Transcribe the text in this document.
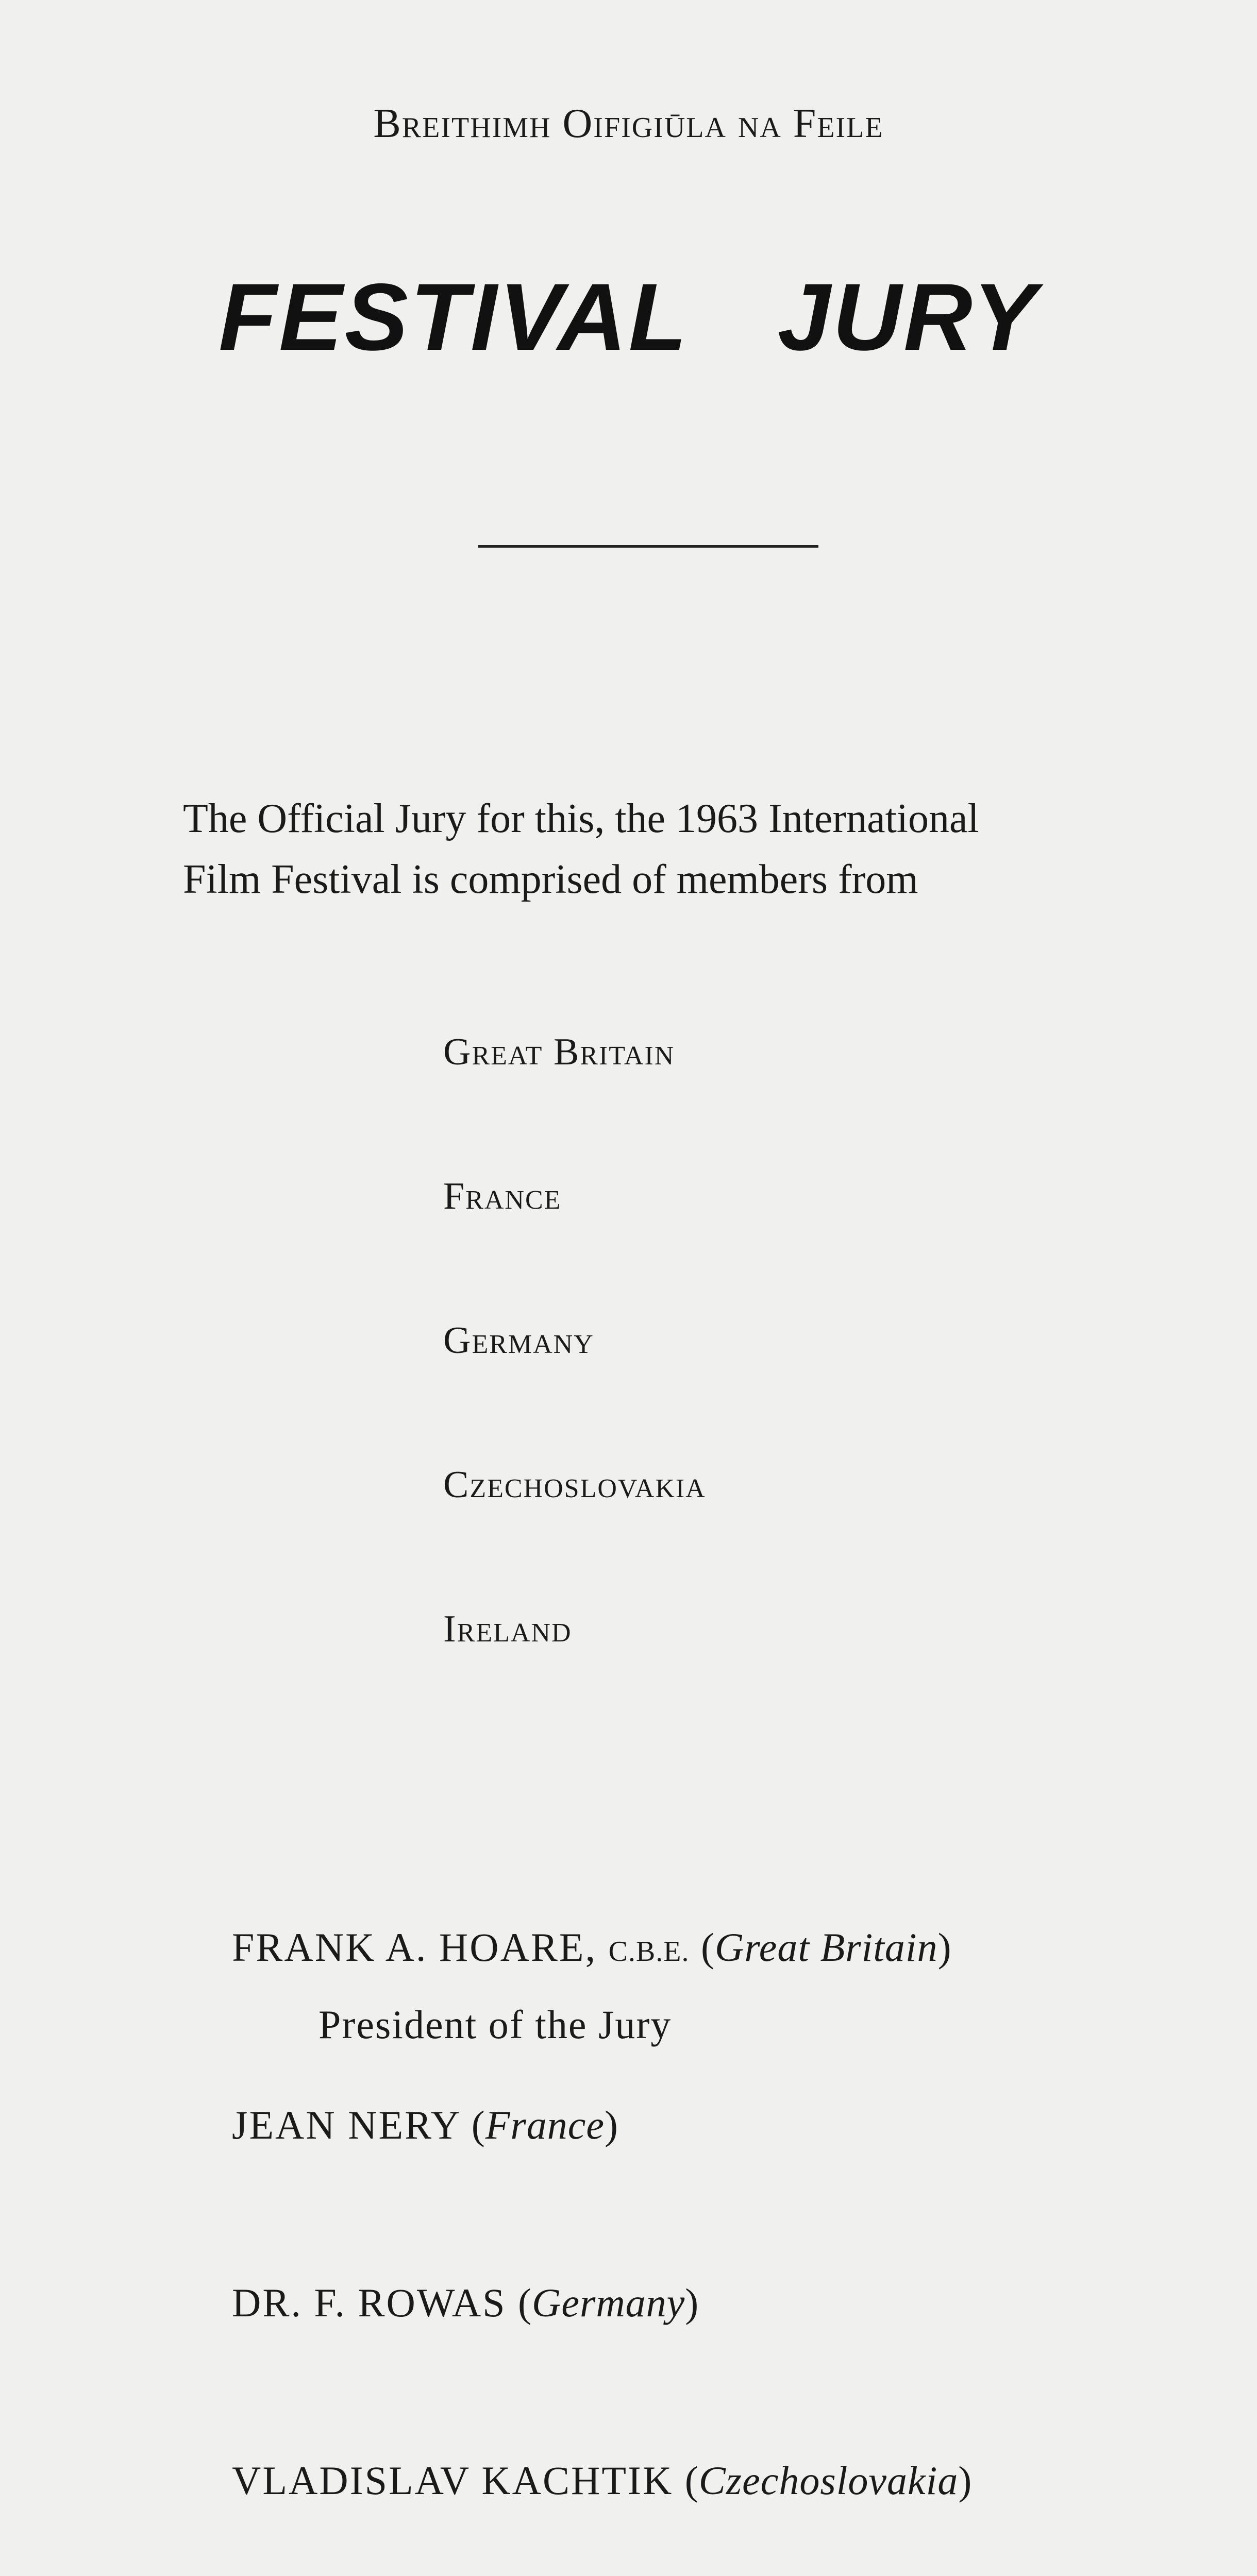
Breithimh Oifigiūla na Feile
FESTIVAL JURY

The Official Jury for this, the 1963 International

Film Festival is comprised of members from

Great Britain
France
Germany
Czechoslovakia
Ireland
FRANK A. HOARE, C.B.E. (Great Britain)
President of the Jury
JEAN NERY (France)
DR. F. ROWAS (Germany)
VLADISLAV KACHTIK (Czechoslovakia)
